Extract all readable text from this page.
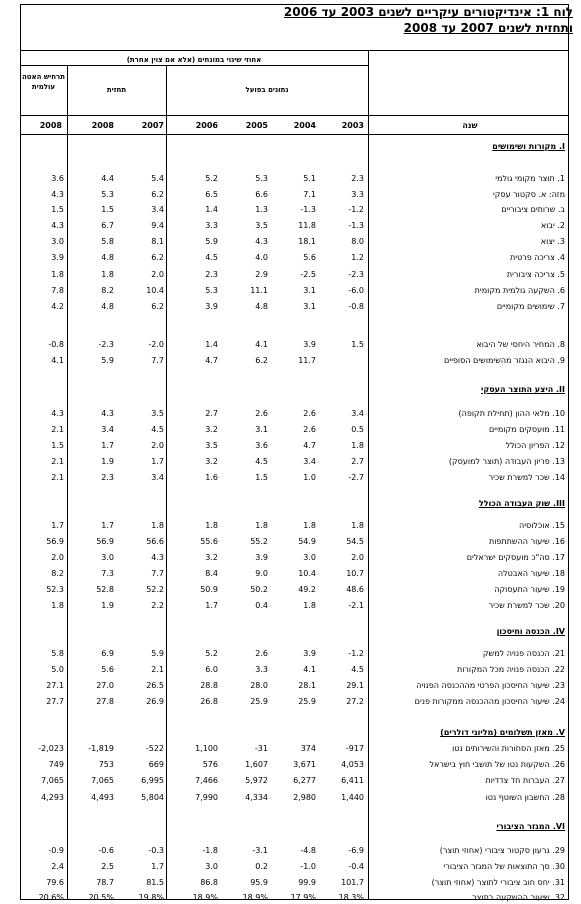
לוח 1: אינדיקטורים עיקריים לשנים 2003 עד 2006
ותחזית לשנים 2007 עד 2008
אחוזי שינוי במונחים (אלא אם צוין אחרת)
נתונים בפועל
תחזית
תרחיש האטה עולמית
שנה
2003
2004
2005
2006
2007
2008
2008
I. מקורות ושימושים
1. תוצר מקומי גולמי
2.3
5.1
5.3
5.2
5.4
4.4
3.6
מזה: א. סקטור עסקי
3.3
7.1
6.6
6.5
6.2
5.3
4.3
ב. שרותים ציבוריים
-1.2
-1.3
1.3
1.4
3.4
1.5
1.5
2. יבוא
-1.3
11.8
3.5
3.3
9.4
6.7
4.3
3. יצוא
8.0
18.1
4.3
5.9
8.1
5.8
3.0
4. צריכה פרטית
1.2
5.6
4.0
4.5
6.2
4.8
3.9
5. צריכה ציבורית
-2.3
-2.5
2.9
2.3
2.0
1.8
1.8
6. השקעה גולמית מקומית
-6.0
3.1
11.1
5.3
10.4
8.2
7.8
7. שימושים מקומיים
-0.8
3.1
4.8
3.9
6.2
4.8
4.2
8. המחיר היחסי של היבוא
1.5
3.9
4.1
1.4
-2.0
-2.3
-0.8
9. היבוא הנגזר מהשימושים הסופיים
11.7
6.2
4.7
7.7
5.9
4.1
II. היצע התוצר העסקי
10. מלאי ההון (תחילת תקופה)
3.4
2.6
2.6
2.7
3.5
4.3
4.3
11. מועסקים מקומיים
0.5
2.6
3.1
3.2
4.5
3.4
2.1
12. הפריון הכולל
1.8
4.7
3.6
3.5
2.0
1.7
1.5
13. פריון העבודה (תוצר למועסק)
2.7
3.4
4.5
3.2
1.7
1.9
2.1
14. שכר למשרת שכיר
-2.7
1.0
1.5
1.6
3.4
2.3
2.1
III. שוק העבודה הכולל
15. אוכלוסיה
1.8
1.8
1.8
1.8
1.8
1.7
1.7
16. שיעור ההשתתפות
54.5
54.9
55.2
55.6
56.6
56.9
56.9
17. סה"כ מועסקים ישראלים
2.0
3.0
3.9
3.2
4.3
3.0
2.0
18. שיעור האבטלה
10.7
10.4
9.0
8.4
7.7
7.3
8.2
19. שיעור התעסוקה
48.6
49.2
50.2
50.9
52.2
52.8
52.3
20. שכר למשרת שכיר
-2.1
1.8
0.4
1.7
2.2
1.9
1.8
IV. הכנסה וחיסכון
21. הכנסה פנויה למשק
-1.2
3.9
2.6
5.2
5.9
6.9
5.8
22. הכנסה פנויה מכל המקורות
4.5
4.1
3.3
6.0
2.1
5.6
5.0
23. שיעור החיסכון הפרטי מההכנסה הפנויה
29.1
28.1
28.0
28.8
26.5
27.0
27.1
24. שיעור החיסכון מההכנסה ממקורות פנים
27.2
25.9
25.9
26.8
26.9
27.8
27.7
V. מאזן תשלומים (מליוני דולרים)
25. מאזן הסחורות והשירותים נטו
-917
374
-31
1,100
-522
-1,819
-2,023
26. השקעות נטו של תושבי חוץ בישראל
4,053
3,671
1,607
576
669
753
749
27. העברות חד צדדיות
6,411
6,277
5,972
7,466
6,995
7,065
7,065
28. החשבון השוטף נטו
1,440
2,980
4,334
7,990
5,804
4,493
4,293
VI. המגזר הציבורי
29. גרעון סקטור ציבורי (אחוזי תוצר)
-6.9
-4.8
-3.1
-1.8
-0.3
-0.6
-0.9
30. סך התוצאות של המגזר הציבורי
-0.4
-1.0
0.2
3.0
1.7
2.5
2.4
31. יחס חוב ציבורי לתוצר (אחוזי תוצר)
101.7
99.9
95.9
86.8
81.5
78.7
79.6
32. שיעור ההשקעה בתוצר
18.3%
17.9%
18.9%
18.9%
19.8%
20.5%
20.6%
